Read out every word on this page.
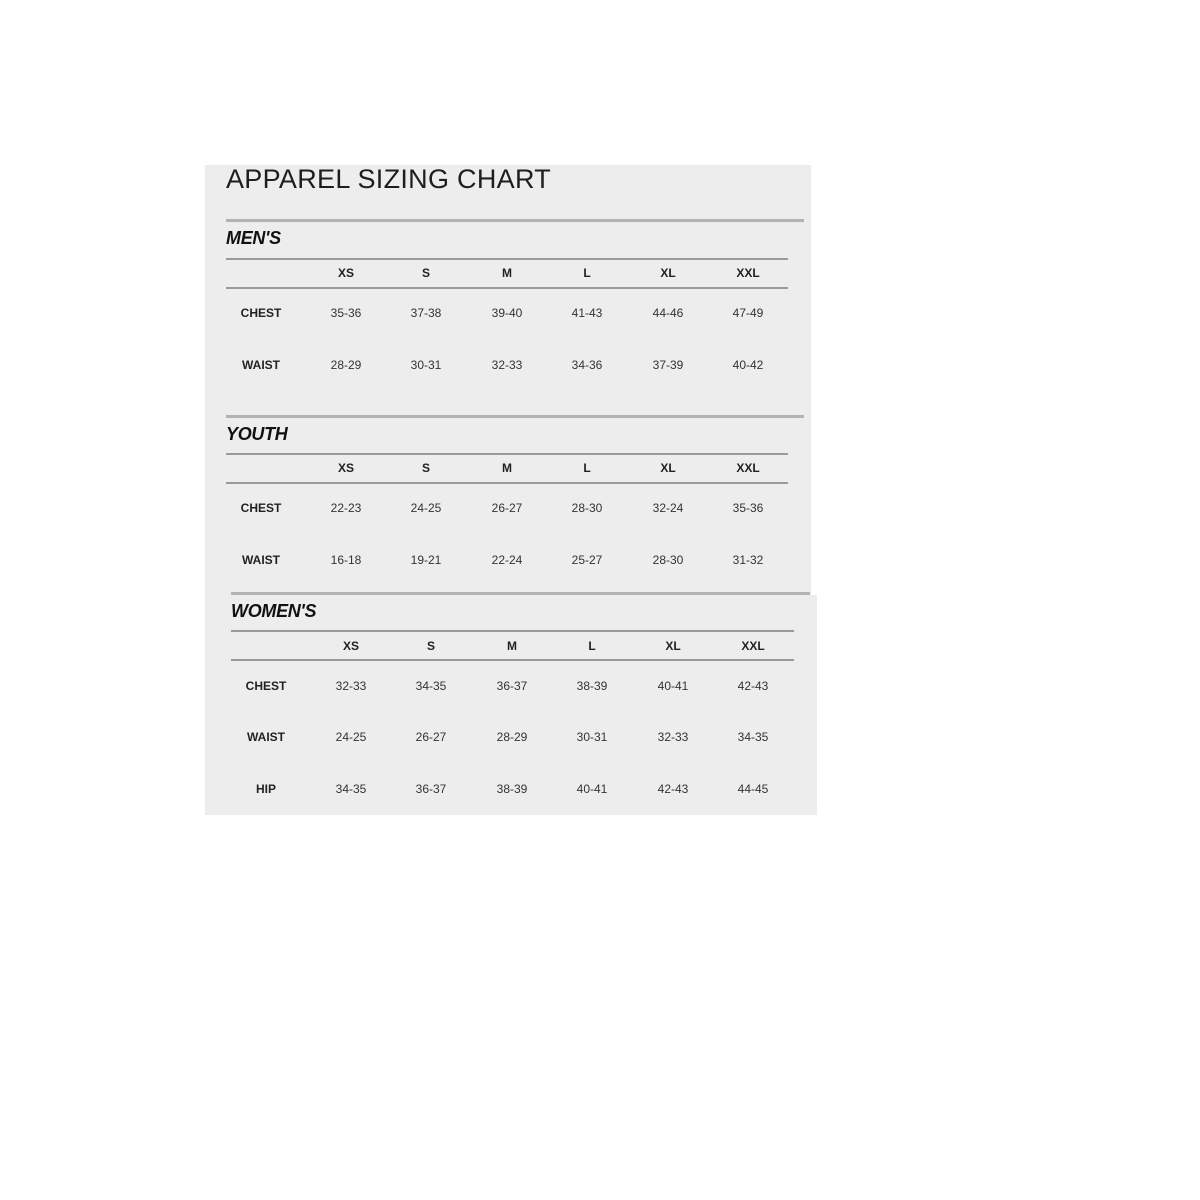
APPAREL SIZING CHART
MEN'S
XS	S	M	L	XL	XXL
CHEST	35-36	37-38	39-40	41-43	44-46	47-49
WAIST	28-29	30-31	32-33	34-36	37-39	40-42
YOUTH
XS	S	M	L	XL	XXL
CHEST	22-23	24-25	26-27	28-30	32-24	35-36
WAIST	16-18	19-21	22-24	25-27	28-30	31-32
WOMEN'S
XS	S	M	L	XL	XXL
CHEST	32-33	34-35	36-37	38-39	40-41	42-43
WAIST	24-25	26-27	28-29	30-31	32-33	34-35
HIP	34-35	36-37	38-39	40-41	42-43	44-45
